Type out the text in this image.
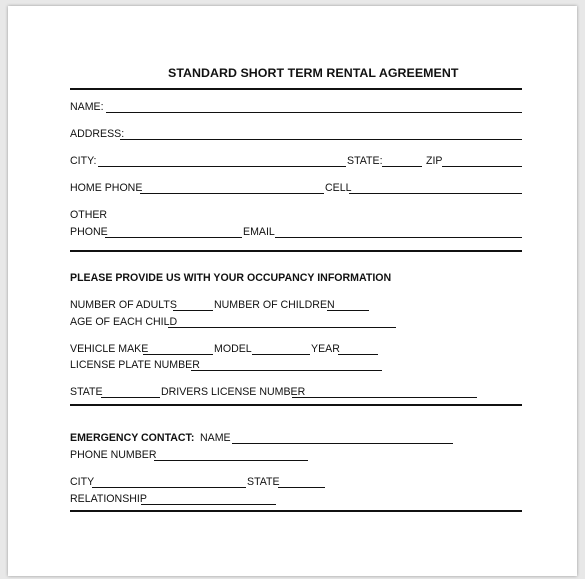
STANDARD SHORT TERM RENTAL AGREEMENT
NAME:
ADDRESS:
CITY:	STATE:	ZIP
HOME PHONE	CELL
OTHER
PHONE	EMAIL
PLEASE PROVIDE US WITH YOUR OCCUPANCY INFORMATION
NUMBER OF ADULTS	NUMBER OF CHILDREN
AGE OF EACH CHILD
VEHICLE MAKE	MODEL	YEAR
LICENSE PLATE NUMBER
STATE	DRIVERS LICENSE NUMBER
EMERGENCY CONTACT: NAME
PHONE NUMBER
CITY	STATE
RELATIONSHIP
